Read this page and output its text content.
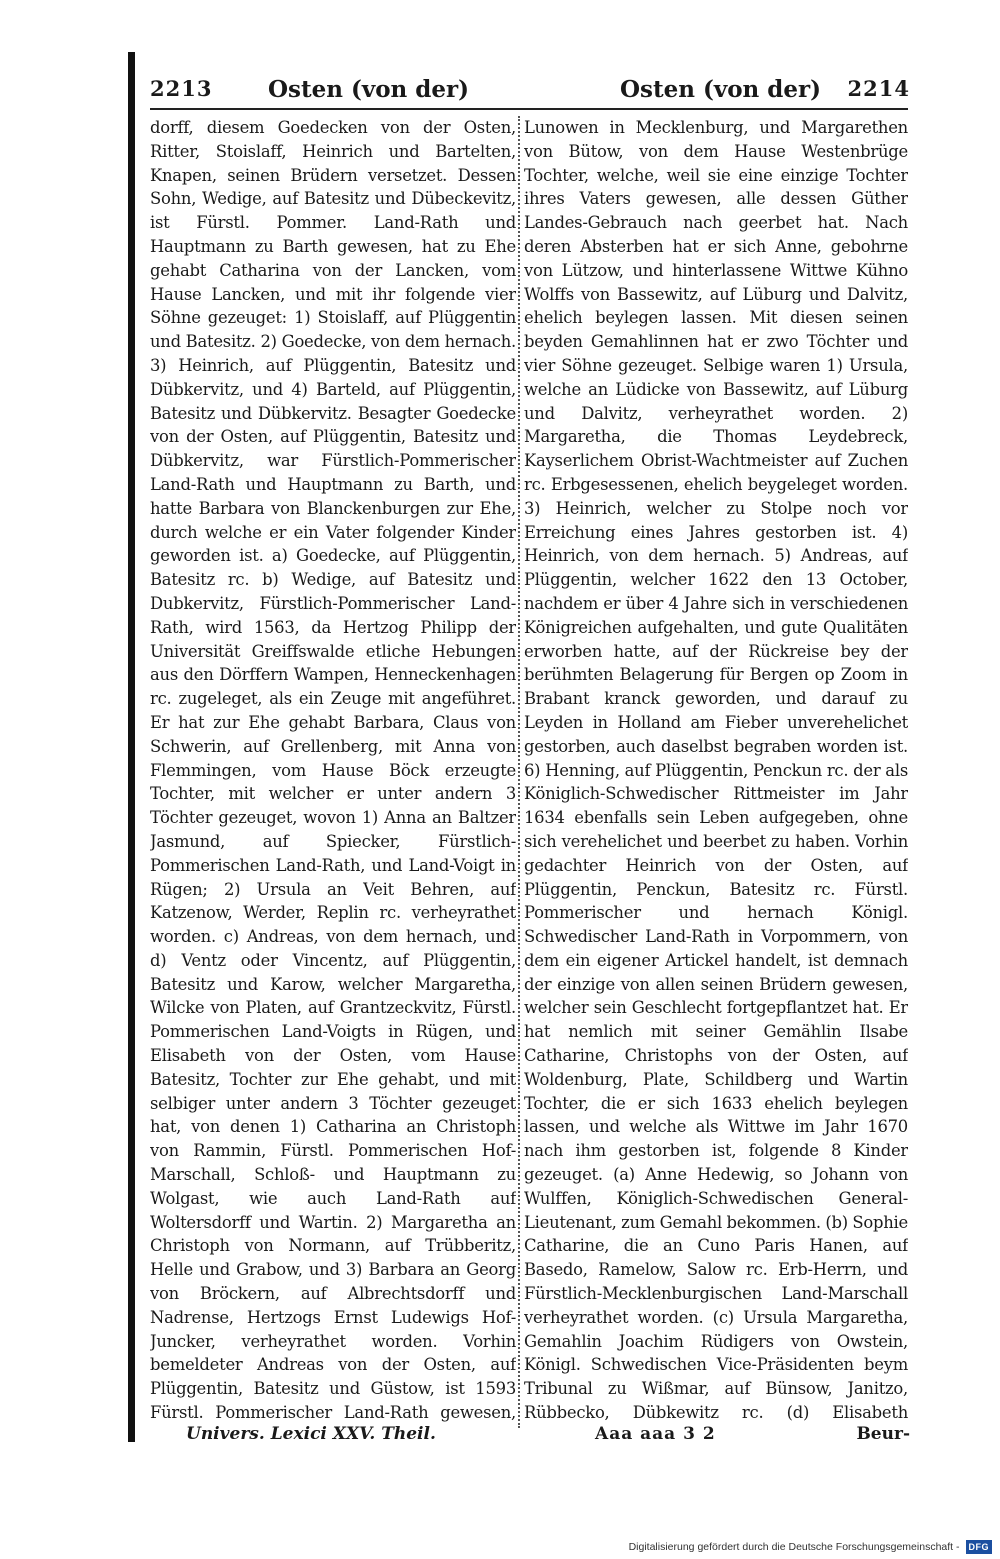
2213 Osten (von der)	Osten (von der) 2214

dorff, diesem Goedecken von der Osten, Ritter, Stoislaff, Heinrich und Bartelten, Knapen, seinen Brüdern versetzet. Dessen Sohn, Wedige, auf Batesitz und Dübeckevitz, ist Fürstl. Pommer. Land-Rath und Hauptmann zu Barth gewesen, hat zu Ehe gehabt Catharina von der Lancken, vom Hause Lancken, und mit ihr folgende vier Söhne gezeuget: 1) Stoislaff, auf Plüggentin und Batesitz. 2) Goedecke, von dem hernach. 3) Heinrich, auf Plüggentin, Batesitz und Dübkervitz, und 4) Barteld, auf Plüggentin, Batesitz und Dübkervitz. Besagter Goedecke von der Osten, auf Plüggentin, Batesitz und Dübkervitz, war Fürstlich-Pommerischer Land-Rath und Hauptmann zu Barth, und hatte Barbara von Blanckenburgen zur Ehe, durch welche er ein Vater folgender Kinder geworden ist. a) Goedecke, auf Plüggentin, Batesitz rc. b) Wedige, auf Batesitz und Dubkervitz, Fürstlich-Pommerischer Land-Rath, wird 1563, da Hertzog Philipp der Universität Greiffswalde etliche Hebungen aus den Dörffern Wampen, Henneckenhagen rc. zugeleget, als ein Zeuge mit angeführet. Er hat zur Ehe gehabt Barbara, Claus von Schwerin, auf Grellenberg, mit Anna von Flemmingen, vom Hause Böck erzeugte Tochter, mit welcher er unter andern 3 Töchter gezeuget, wovon 1) Anna an Baltzer Jasmund, auf Spiecker, Fürstlich-Pommerischen Land-Rath, und Land-Voigt in Rügen; 2) Ursula an Veit Behren, auf Katzenow, Werder, Replin rc. verheyrathet worden. c) Andreas, von dem hernach, und d) Ventz oder Vincentz, auf Plüggentin, Batesitz und Karow, welcher Margaretha, Wilcke von Platen, auf Grantzeckvitz, Fürstl. Pommerischen Land-Voigts in Rügen, und Elisabeth von der Osten, vom Hause Batesitz, Tochter zur Ehe gehabt, und mit selbiger unter andern 3 Töchter gezeuget hat, von denen 1) Catharina an Christoph von Rammin, Fürstl. Pommerischen Hof-Marschall, Schloß- und Hauptmann zu Wolgast, wie auch Land-Rath auf Woltersdorff und Wartin. 2) Margaretha an Christoph von Normann, auf Trübberitz, Helle und Grabow, und 3) Barbara an Georg von Bröckern, auf Albrechtsdorff und Nadrense, Hertzogs Ernst Ludewigs Hof-Juncker, verheyrathet worden. Vorhin bemeldeter Andreas von der Osten, auf Plüggentin, Batesitz und Güstow, ist 1593 Fürstl. Pommerischer Land-Rath gewesen,

Lunowen in Mecklenburg, und Margarethen von Bütow, von dem Hause Westenbrüge Tochter, welche, weil sie eine einzige Tochter ihres Vaters gewesen, alle dessen Güther Landes-Gebrauch nach geerbet hat. Nach deren Absterben hat er sich Anne, gebohrne von Lützow, und hinterlassene Wittwe Kühno Wolffs von Bassewitz, auf Lüburg und Dalvitz, ehelich beylegen lassen. Mit diesen seinen beyden Gemahlinnen hat er zwo Töchter und vier Söhne gezeuget. Selbige waren 1) Ursula, welche an Lüdicke von Bassewitz, auf Lüburg und Dalvitz, verheyrathet worden. 2) Margaretha, die Thomas Leydebreck, Kayserlichem Obrist-Wachtmeister auf Zuchen rc. Erbgesessenen, ehelich beygeleget worden. 3) Heinrich, welcher zu Stolpe noch vor Erreichung eines Jahres gestorben ist. 4) Heinrich, von dem hernach. 5) Andreas, auf Plüggentin, welcher 1622 den 13 October, nachdem er über 4 Jahre sich in verschiedenen Königreichen aufgehalten, und gute Qualitäten erworben hatte, auf der Rückreise bey der berühmten Belagerung für Bergen op Zoom in Brabant kranck geworden, und darauf zu Leyden in Holland am Fieber unverehelichet gestorben, auch daselbst begraben worden ist. 6) Henning, auf Plüggentin, Penckun rc. der als Königlich-Schwedischer Rittmeister im Jahr 1634 ebenfalls sein Leben aufgegeben, ohne sich verehelichet und beerbet zu haben. Vorhin gedachter Heinrich von der Osten, auf Plüggentin, Penckun, Batesitz rc. Fürstl. Pommerischer und hernach Königl. Schwedischer Land-Rath in Vorpommern, von dem ein eigener Artickel handelt, ist demnach der einzige von allen seinen Brüdern gewesen, welcher sein Geschlecht fortgepflantzet hat. Er hat nemlich mit seiner Gemählin Ilsabe Catharine, Christophs von der Osten, auf Woldenburg, Plate, Schildberg und Wartin Tochter, die er sich 1633 ehelich beylegen lassen, und welche als Wittwe im Jahr 1670 nach ihm gestorben ist, folgende 8 Kinder gezeuget. (a) Anne Hedewig, so Johann von Wulffen, Königlich-Schwedischen General-Lieutenant, zum Gemahl bekommen. (b) Sophie Catharine, die an Cuno Paris Hanen, auf Basedo, Ramelow, Salow rc. Erb-Herrn, und Fürstlich-Mecklenburgischen Land-Marschall verheyrathet worden. (c) Ursula Margaretha, Gemahlin Joachim Rüdigers von Owstein, Königl. Schwedischen Vice-Präsidenten beym Tribunal zu Wißmar, auf Bünsow, Janitzo, Rübbecko, Dübkewitz rc. (d) Elisabeth

Univers. Lexici XXV. Theil.	Aaa aaa 3 2	Beur-
Digitalisierung gefördert durch die Deutsche Forschungsgemeinschaft -	DFG
